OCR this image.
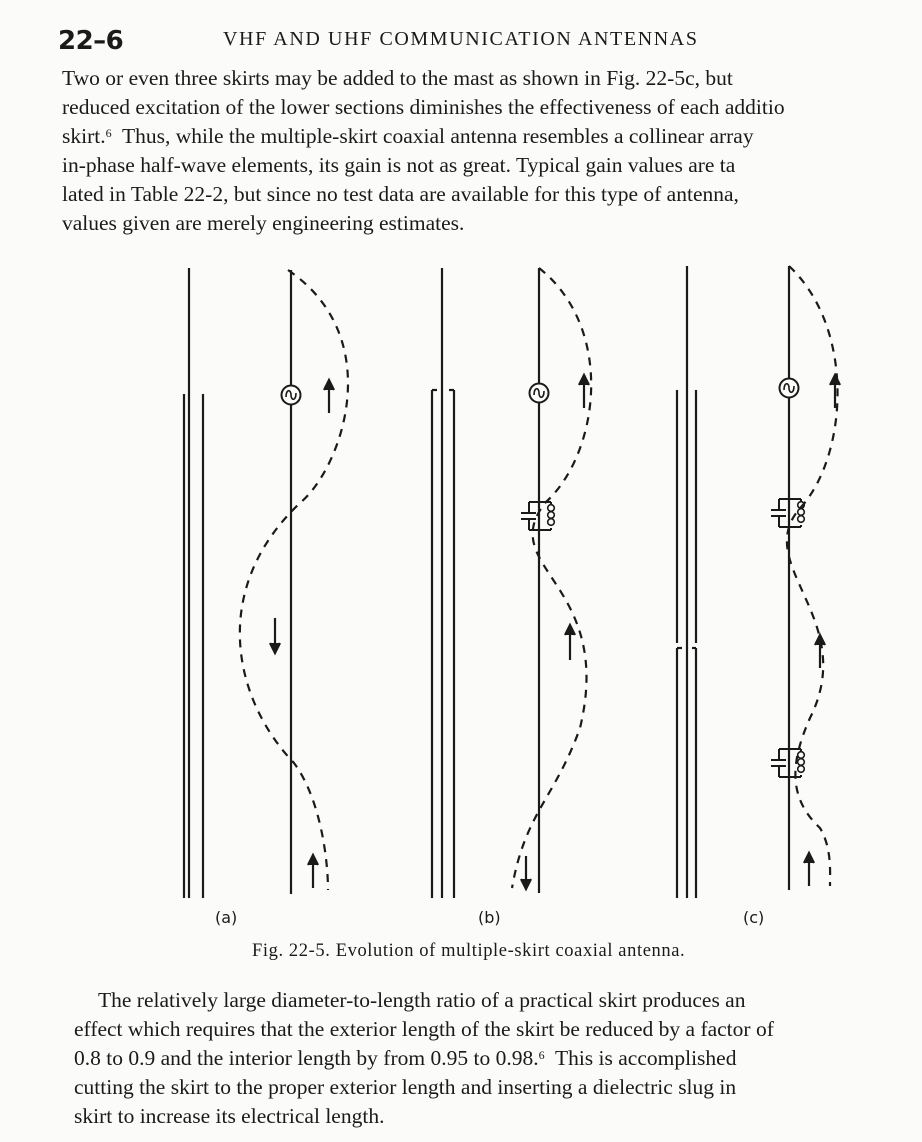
22–6	VHF AND UHF COMMUNICATION ANTENNAS
Two or even three skirts may be added to the mast as shown in Fig. 22-5c, but
reduced excitation of the lower sections diminishes the effectiveness of each additio
skirt.$^6$  Thus, while the multiple-skirt coaxial antenna resembles a collinear array
in-phase half-wave elements, its gain is not as great. Typical gain values are ta
lated in Table 22-2, but since no test data are available for this type of antenna,
values given are merely engineering estimates.
(a)	(b)	(c)
Fig. 22-5. Evolution of multiple-skirt coaxial antenna.
The relatively large diameter-to-length ratio of a practical skirt produces an
effect which requires that the exterior length of the skirt be reduced by a factor of
0.8 to 0.9 and the interior length by from 0.95 to 0.98.$^6$  This is accomplished
cutting the skirt to the proper exterior length and inserting a dielectric slug in
skirt to increase its electrical length.
